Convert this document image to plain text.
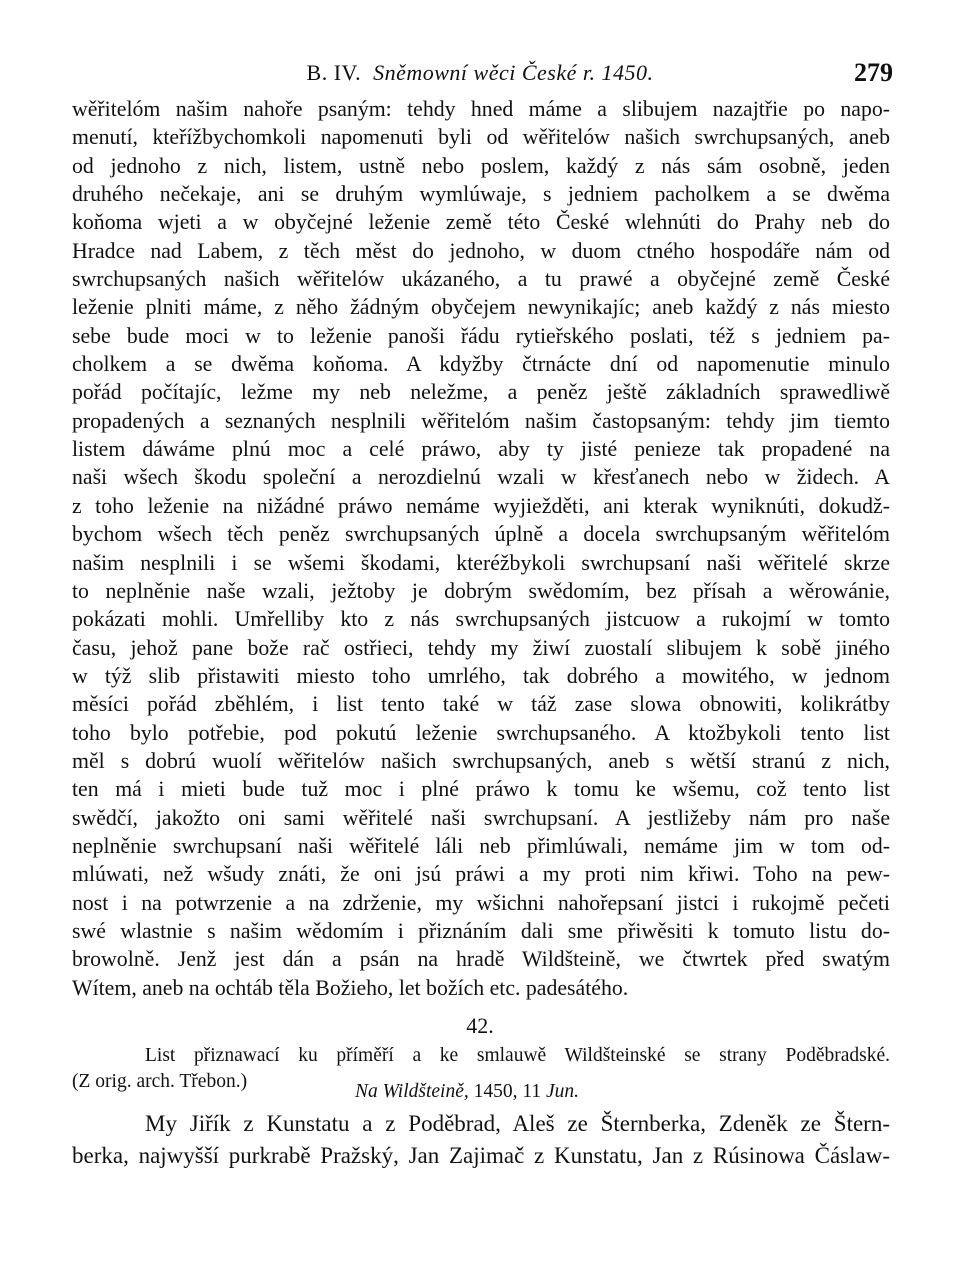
B. IV. Sněmowní wěci České r. 1450.	279
wěřitelóm našim nahoře psaným: tehdy hned máme a slibujem nazajtřie po napo-
menutí, kteřížbychomkoli napomenuti byli od wěřitelów našich swrchupsaných, aneb
od jednoho z nich, listem, ustně nebo poslem, každý z nás sám osobně, jeden
druhého nečekaje, ani se druhým wymlúwaje, s jedniem pacholkem a se dwěma
koňoma wjeti a w obyčejné leženie země této České wlehnúti do Prahy neb do
Hradce nad Labem, z těch měst do jednoho, w duom ctného hospodáře nám od
swrchupsaných našich wěřitelów ukázaného, a tu prawé a obyčejné země České
leženie plniti máme, z něho žádným obyčejem newynikajíc; aneb každý z nás miesto
sebe bude moci w to leženie panoši řádu rytieřského poslati, též s jedniem pa-
cholkem a se dwěma koňoma. A kdyžby čtrnácte dní od napomenutie minulo
pořád počítajíc, ležme my neb neležme, a peněz ještě základních sprawedliwě
propadených a seznaných nesplnili wěřitelóm našim častopsaným: tehdy jim tiemto
listem dáwáme plnú moc a celé práwo, aby ty jisté penieze tak propadené na
naši wšech škodu společní a nerozdielnú wzali w křesťanech nebo w židech. A
z toho leženie na nižádné práwo nemáme wyjiežděti, ani kterak wyniknúti, dokudž-
bychom wšech těch peněz swrchupsaných úplně a docela swrchupsaným wěřitelóm
našim nesplnili i se wšemi škodami, kteréžbykoli swrchupsaní naši wěřitelé skrze
to neplněnie naše wzali, ježtoby je dobrým swědomím, bez přísah a wěrowánie,
pokázati mohli. Umřelliby kto z nás swrchupsaných jistcuow a rukojmí w tomto
času, jehož pane bože rač ostřieci, tehdy my žiwí zuostalí slibujem k sobě jiného
w týž slib přistawiti miesto toho umrlého, tak dobrého a mowitého, w jednom
měsíci pořád zběhlém, i list tento také w táž zase slowa obnowiti, kolikrátby
toho bylo potřebie, pod pokutú leženie swrchupsaného. A ktožbykoli tento list
měl s dobrú wuolí wěřitelów našich swrchupsaných, aneb s wětší stranú z nich,
ten má i mieti bude tuž moc i plné práwo k tomu ke wšemu, což tento list
swědčí, jakožto oni sami wěřitelé naši swrchupsaní. A jestližeby nám pro naše
neplněnie swrchupsaní naši wěřitelé láli neb přimlúwali, nemáme jim w tom od-
mlúwati, než wšudy znáti, že oni jsú práwi a my proti nim křiwi. Toho na pew-
nost i na potwrzenie a na zdrženie, my wšichni nahořepsaní jistci i rukojmě pečeti
swé wlastnie s našim wědomím i přiznáním dali sme přiwěsiti k tomuto listu do-
browolně. Jenž jest dán a psán na hradě Wildšteině, we čtwrtek před swatým
Wítem, aneb na ochtáb těla Božieho, let božích etc. padesátého.
42.
List přiznawací ku příměří a ke smlauwě Wildšteinské se strany Poděbradské.
(Z orig. arch. Třebon.)	Na Wildšteině, 1450, 11 Jun.
My Jiřík z Kunstatu a z Poděbrad, Aleš ze Šternberka, Zdeněk ze Štern-
berka, najwyšší purkrabě Pražský, Jan Zajimač z Kunstatu, Jan z Rúsinowa Čáslaw-
